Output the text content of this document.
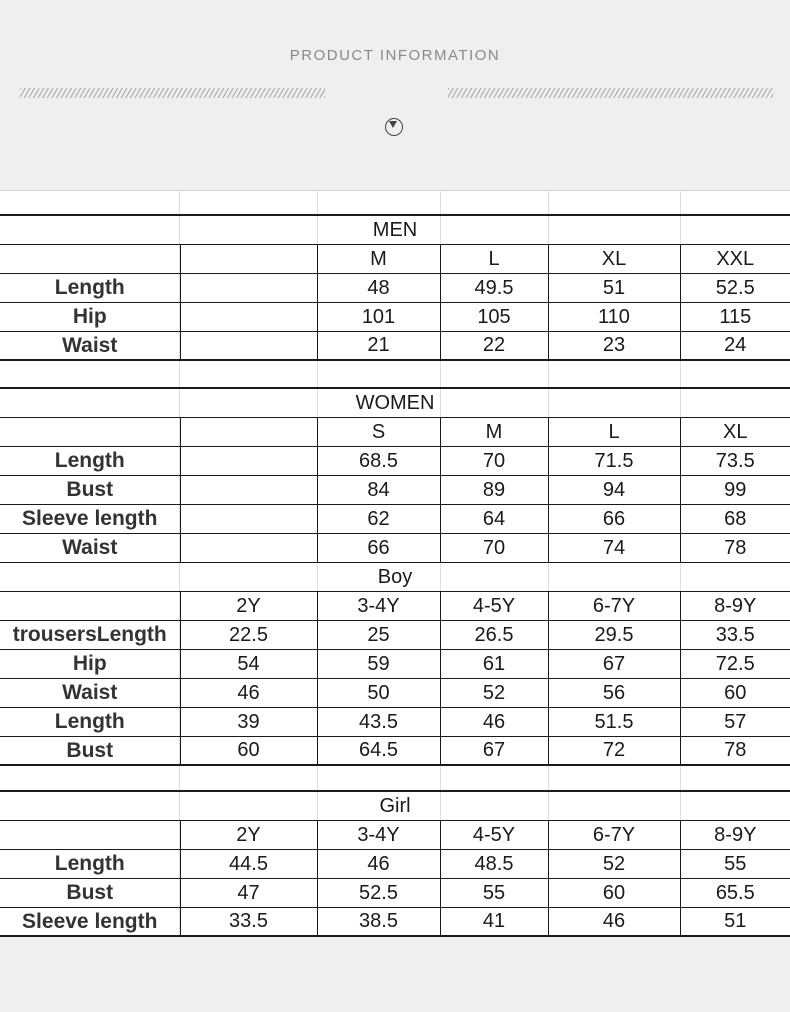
PRODUCT INFORMATION
MEN					
		M	L	XL	XXL
Length		48	49.5	51	52.5
Hip		101	105	110	115
Waist		21	22	23	24
WOMEN					
		S	M	L	XL
Length		68.5	70	71.5	73.5
Bust		84	89	94	99
Sleeve length		62	64	66	68
Waist		66	70	74	78
Boy					
	2Y	3-4Y	4-5Y	6-7Y	8-9Y
trousersLength	22.5	25	26.5	29.5	33.5
Hip	54	59	61	67	72.5
Waist	46	50	52	56	60
Length	39	43.5	46	51.5	57
Bust	60	64.5	67	72	78
Girl					
	2Y	3-4Y	4-5Y	6-7Y	8-9Y
Length	44.5	46	48.5	52	55
Bust	47	52.5	55	60	65.5
Sleeve length	33.5	38.5	41	46	51
